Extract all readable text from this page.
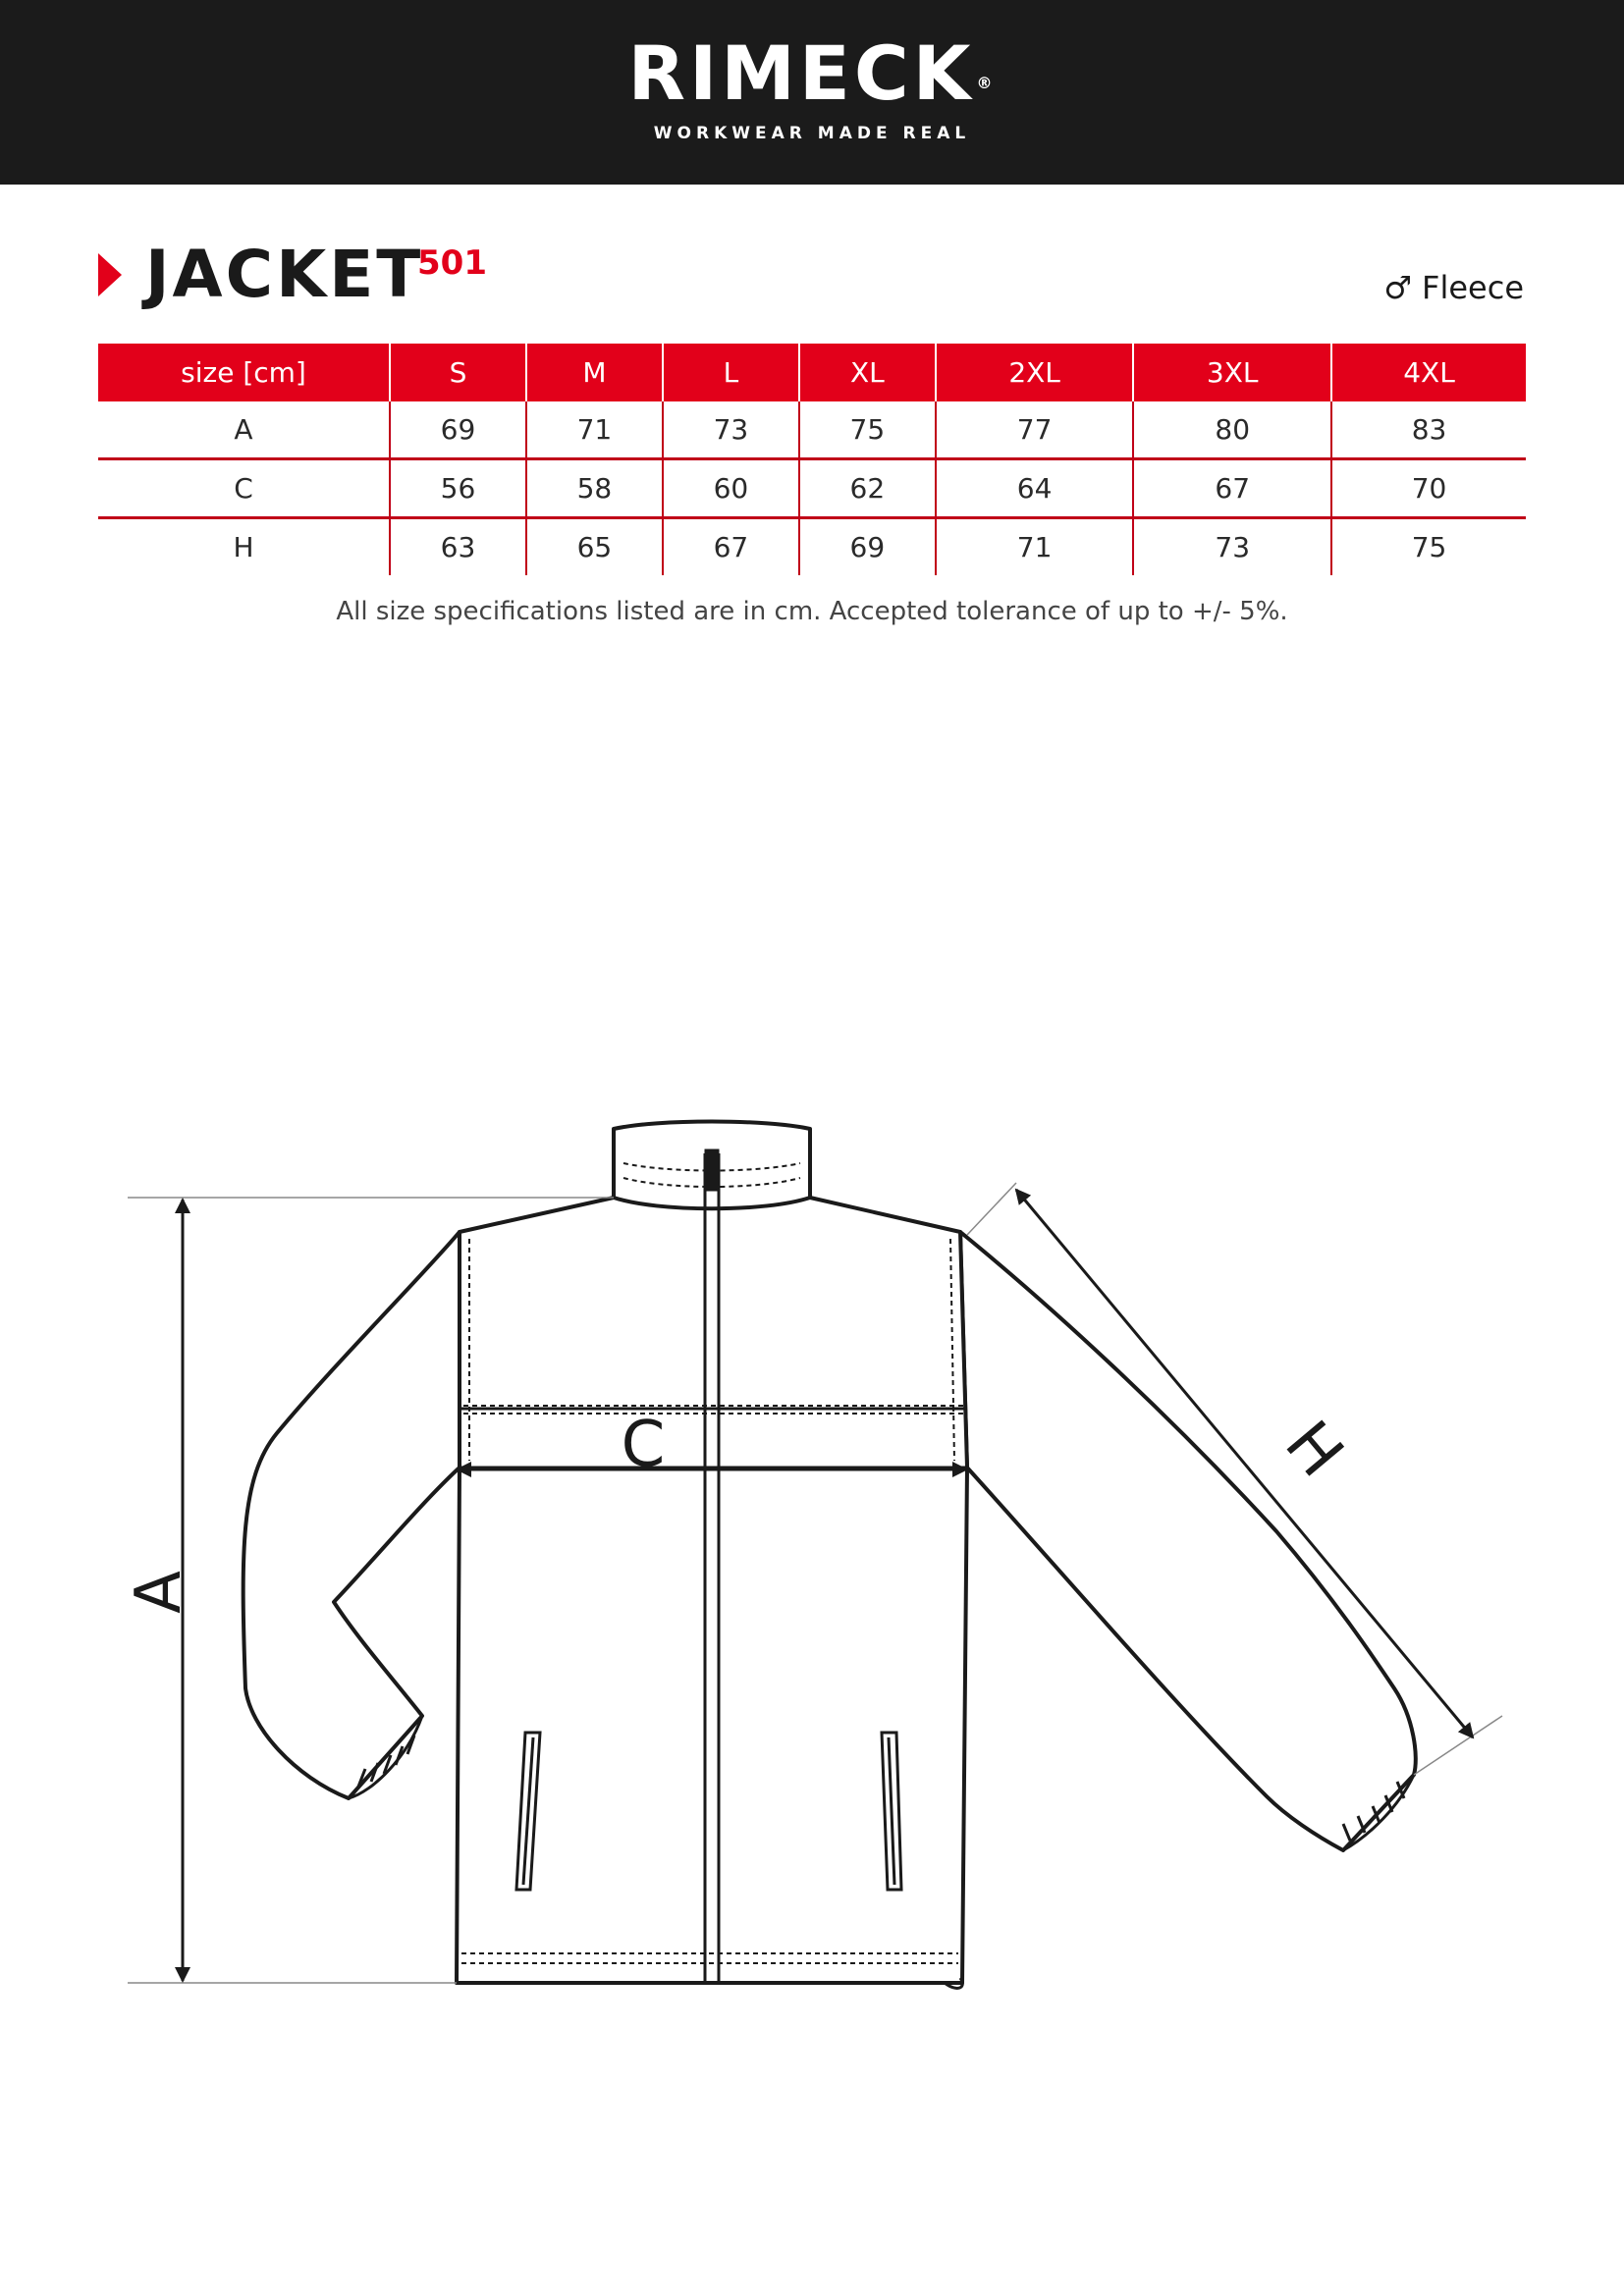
RIMECK ®
WORKWEAR MADE REAL
JACKET
501
♂ Fleece
size [cm]	S	M	L	XL	2XL	3XL	4XL
A	69	71	73	75	77	80	83
C	56	58	60	62	64	67	70
H	63	65	67	69	71	73	75
All size specifications listed are in cm. Accepted tolerance of up to +/- 5%.
A
C	H
